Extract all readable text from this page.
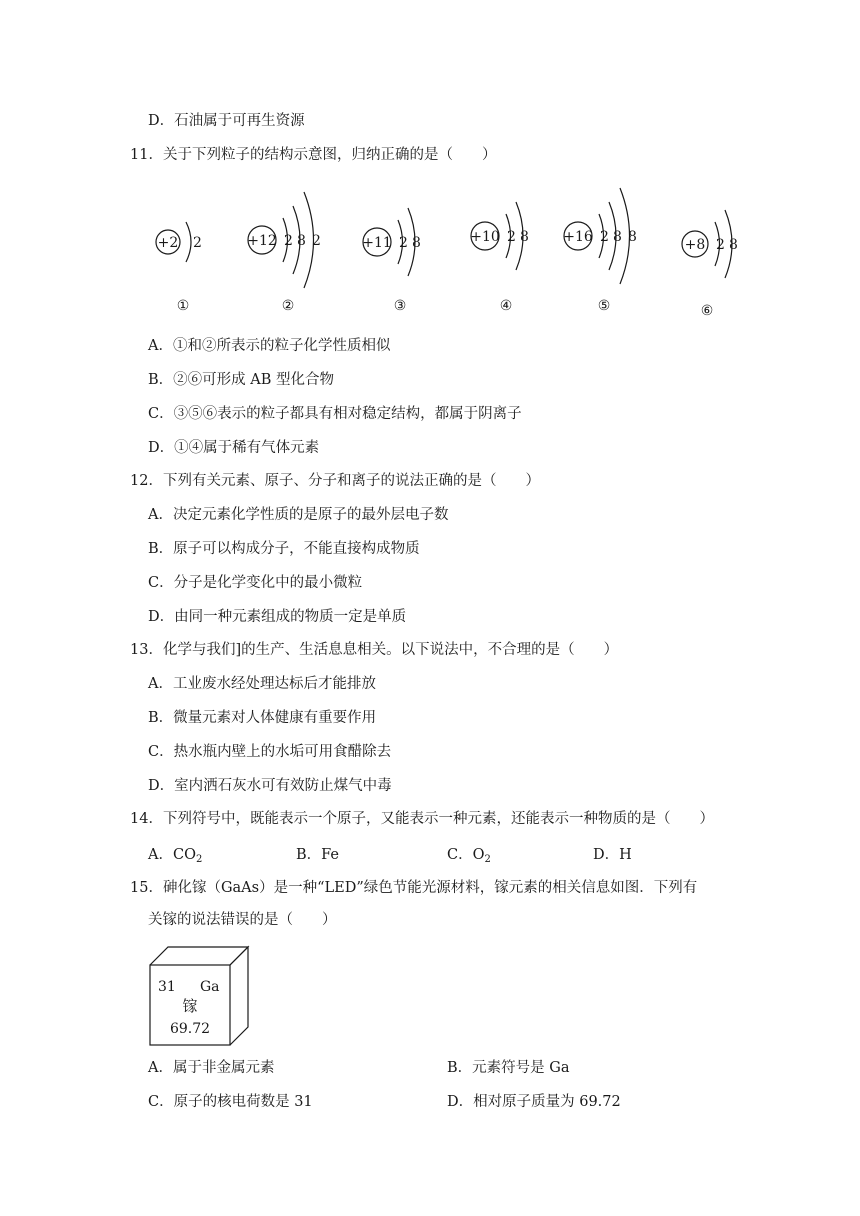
D．石油属于可再生资源
11．关于下列粒子的结构示意图，归纳正确的是（　　）
+2 2
①
+12 2 8 2
②
+11 2 8
③
+10 2 8
④
+16 2 8 8
⑤
+8 2 8
⑥
A．①和②所表示的粒子化学性质相似
B．②⑥可形成 AB 型化合物
C．③⑤⑥表示的粒子都具有相对稳定结构，都属于阴离子
D．①④属于稀有气体元素
12．下列有关元素、原子、分子和离子的说法正确的是（　　）
A．决定元素化学性质的是原子的最外层电子数
B．原子可以构成分子，不能直接构成物质
C．分子是化学变化中的最小微粒
D．由同一种元素组成的物质一定是单质
13．化学与我们]的生产、生活息息相关。以下说法中，不合理的是（　　）
A．工业废水经处理达标后才能排放
B．微量元素对人体健康有重要作用
C．热水瓶内壁上的水垢可用食醋除去
D．室内洒石灰水可有效防止煤气中毒
14．下列符号中，既能表示一个原子，又能表示一种元素，还能表示一种物质的是（　　）
A．$CO_2$	B．Fe	C．$O_2$	D．H
15．砷化镓（GaAs）是一种“LED”绿色节能光源材料，镓元素的相关信息如图．下列有
关镓的说法错误的是（　　）
31 Ga
镓
69.72
A．属于非金属元素	B．元素符号是 Ga
C．原子的核电荷数是 31	D．相对原子质量为 69.72
